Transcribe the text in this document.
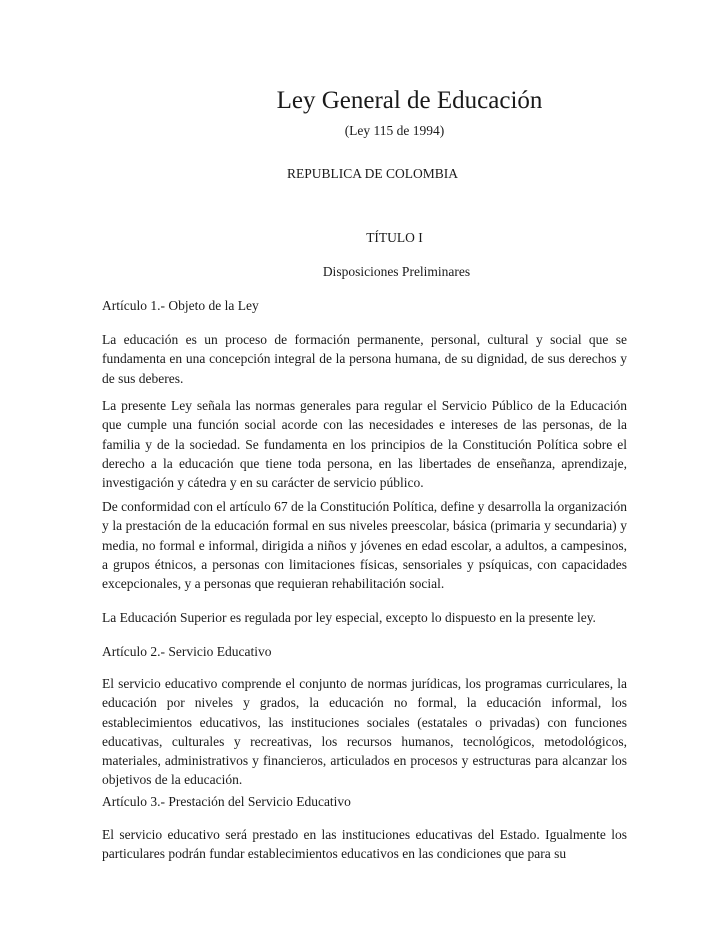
Ley General de Educación

(Ley 115 de 1994)

REPUBLICA DE COLOMBIA

TÍTULO I

Disposiciones Preliminares

Artículo 1.- Objeto de la Ley

La educación es un proceso de formación permanente, personal, cultural y social que se fundamenta en una concepción integral de la persona humana, de su dignidad, de sus derechos y de sus deberes.

La presente Ley señala las normas generales para regular el Servicio Público de la Educación que cumple una función social acorde con las necesidades e intereses de las personas, de la familia y de la sociedad. Se fundamenta en los principios de la Constitución Política sobre el derecho a la educación que tiene toda persona, en las libertades de enseñanza, aprendizaje, investigación y cátedra y en su carácter de servicio público.

De conformidad con el artículo 67 de la Constitución Política, define y desarrolla la organización y la prestación de la educación formal en sus niveles preescolar, básica (primaria y secundaria) y media, no formal e informal, dirigida a niños y jóvenes en edad escolar, a adultos, a campesinos, a grupos étnicos, a personas con limitaciones físicas, sensoriales y psíquicas, con capacidades excepcionales, y a personas que requieran rehabilitación social.

La Educación Superior es regulada por ley especial, excepto lo dispuesto en la presente ley.

Artículo 2.- Servicio Educativo

El servicio educativo comprende el conjunto de normas jurídicas, los programas curriculares, la educación por niveles y grados, la educación no formal, la educación informal, los establecimientos educativos, las instituciones sociales (estatales o privadas) con funciones educativas, culturales y recreativas, los recursos humanos, tecnológicos, metodológicos, materiales, administrativos y financieros, articulados en procesos y estructuras para alcanzar los objetivos de la educación.

Artículo 3.- Prestación del Servicio Educativo

El servicio educativo será prestado en las instituciones educativas del Estado. Igualmente los particulares podrán fundar establecimientos educativos en las condiciones que para su
